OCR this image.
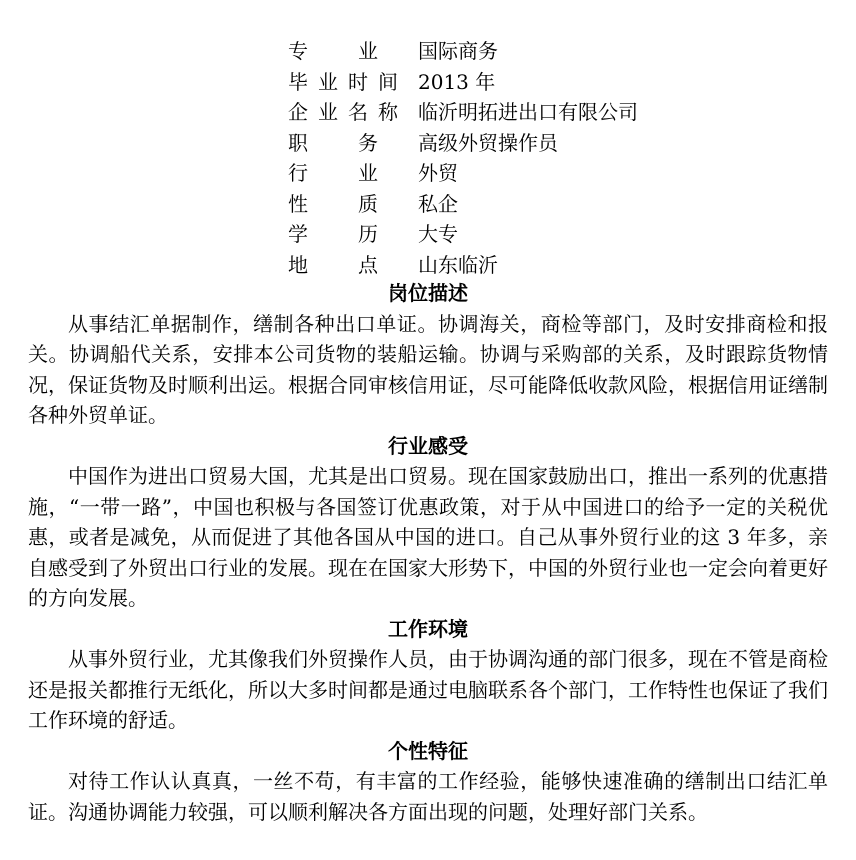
专业 国际商务
毕业时间 2013 年
企业名称 临沂明拓进出口有限公司
职务 高级外贸操作员
行业 外贸
性质 私企
学历 大专
地点 山东临沂
岗位描述

从事结汇单据制作，缮制各种出口单证。协调海关，商检等部门，及时安排商检和报关。协调船代关系，安排本公司货物的装船运输。协调与采购部的关系，及时跟踪货物情况，保证货物及时顺利出运。根据合同审核信用证，尽可能降低收款风险，根据信用证缮制各种外贸单证。

行业感受

中国作为进出口贸易大国，尤其是出口贸易。现在国家鼓励出口，推出一系列的优惠措施，“一带一路”，中国也积极与各国签订优惠政策，对于从中国进口的给予一定的关税优惠，或者是减免，从而促进了其他各国从中国的进口。自己从事外贸行业的这 3 年多，亲自感受到了外贸出口行业的发展。现在在国家大形势下，中国的外贸行业也一定会向着更好的方向发展。

工作环境

从事外贸行业，尤其像我们外贸操作人员，由于协调沟通的部门很多，现在不管是商检还是报关都推行无纸化，所以大多时间都是通过电脑联系各个部门，工作特性也保证了我们工作环境的舒适。

个性特征

对待工作认认真真，一丝不苟，有丰富的工作经验，能够快速准确的缮制出口结汇单证。沟通协调能力较强，可以顺利解决各方面出现的问题，处理好部门关系。
